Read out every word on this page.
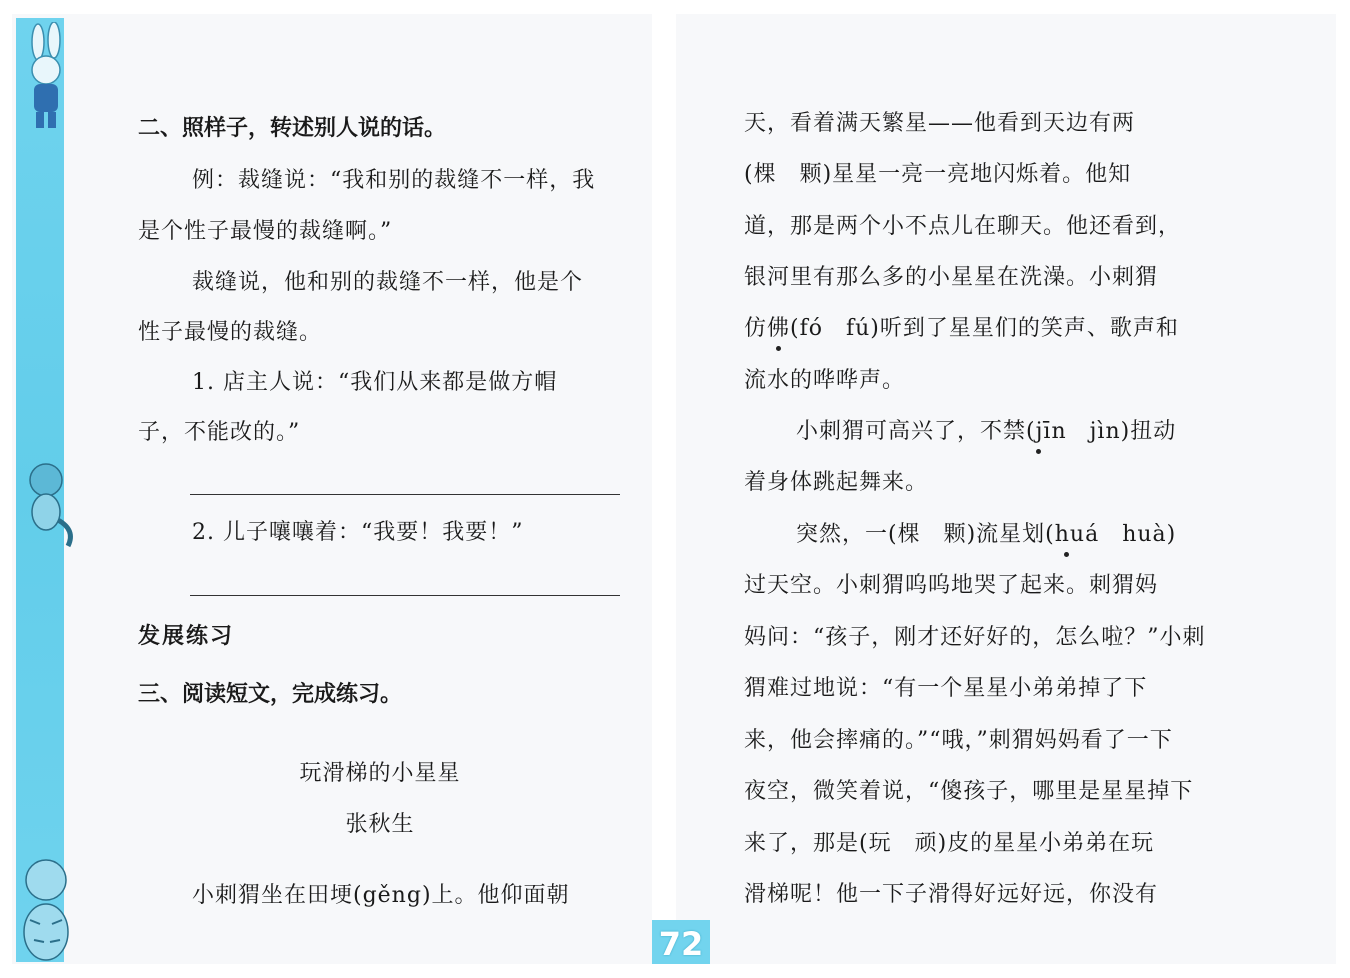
二、照样子，转述别人说的话。
例：裁缝说：“我和别的裁缝不一样，我
是个性子最慢的裁缝啊。”
裁缝说，他和别的裁缝不一样，他是个
性子最慢的裁缝。
1. 店主人说：“我们从来都是做方帽
子，不能改的。”
2. 儿子嚷嚷着：“我要！我要！”
发展练习
三、阅读短文，完成练习。
玩滑梯的小星星
张秋生
小刺猬坐在田埂(gěng)上。他仰面朝
天，看着满天繁星——他看到天边有两
(棵　颗)星星一亮一亮地闪烁着。他知
道，那是两个小不点儿在聊天。他还看到，
银河里有那么多的小星星在洗澡。小刺猬
仿佛(fó　fú)听到了星星们的笑声、歌声和
流水的哗哗声。
小刺猬可高兴了，不禁(jīn　jìn)扭动
着身体跳起舞来。
突然，一(棵　颗)流星划(huá　huà)
过天空。小刺猬呜呜地哭了起来。刺猬妈
妈问：“孩子，刚才还好好的，怎么啦？”小刺
猬难过地说：“有一个星星小弟弟掉了下
来，他会摔痛的。”“哦，”刺猬妈妈看了一下
夜空，微笑着说，“傻孩子，哪里是星星掉下
来了，那是(玩　顽)皮的星星小弟弟在玩
滑梯呢！他一下子滑得好远好远，你没有
72
